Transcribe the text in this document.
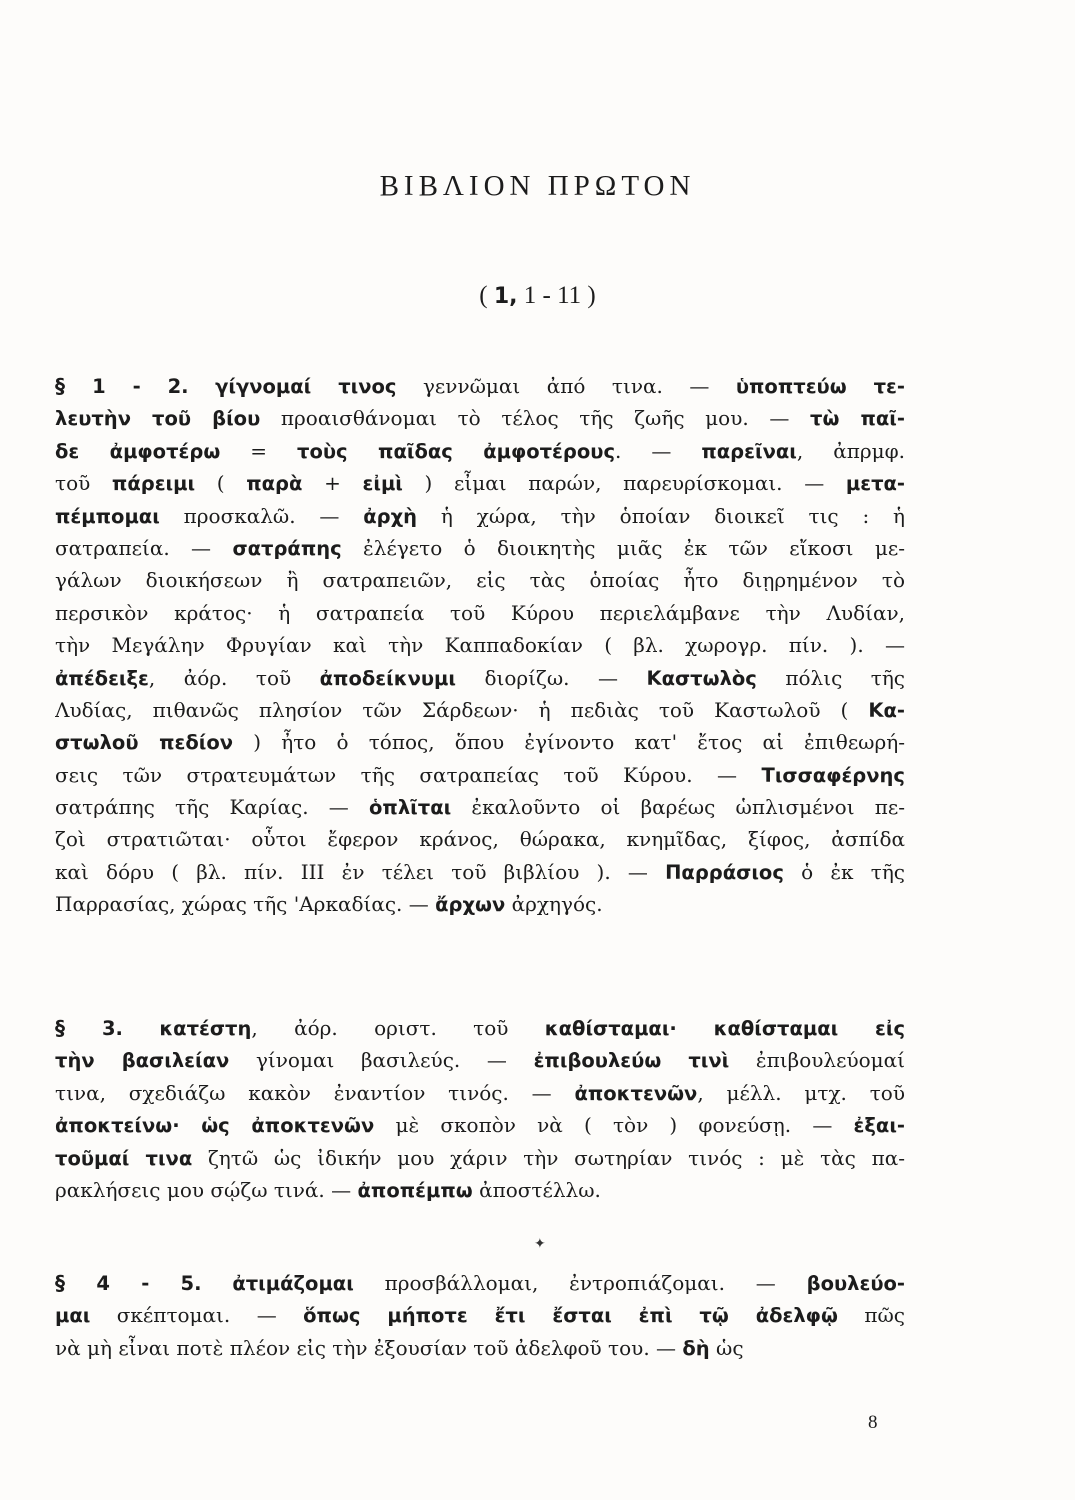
ΒΙΒΛΙΟΝ ΠΡΩΤΟΝ
( 1, 1 - 11 )
§ 1 - 2. γίγνομαί τινος γεννῶμαι ἀπό τινα. — ὑποπτεύω τε-
λευτὴν τοῦ βίου προαισθάνομαι τὸ τέλος τῆς ζωῆς μου. — τὼ παῖ-
δε ἀμφοτέρω = τοὺς παῖδας ἀμφοτέρους. — παρεῖναι, ἀπρμφ.
τοῦ πάρειμι ( παρὰ + εἰμὶ ) εἶμαι παρών, παρευρίσκομαι. — μετα-
πέμπομαι προσκαλῶ. — ἀρχὴ ἡ χώρα, τὴν ὁποίαν διοικεῖ τις : ἡ
σατραπεία. — σατράπης ἐλέγετο ὁ διοικητὴς μιᾶς ἐκ τῶν εἴκοσι με-
γάλων διοικήσεων ἢ σατραπειῶν, εἰς τὰς ὁποίας ἦτο διῃρημένον τὸ
περσικὸν κράτος· ἡ σατραπεία τοῦ Κύρου περιελάμβανε τὴν Λυδίαν,
τὴν Μεγάλην Φρυγίαν καὶ τὴν Καππαδοκίαν ( βλ. χωρογρ. πίν. ). —
ἀπέδειξε, ἀόρ. τοῦ ἀποδείκνυμι διορίζω. — Καστωλὸς πόλις τῆς
Λυδίας, πιθανῶς πλησίον τῶν Σάρδεων· ἡ πεδιὰς τοῦ Καστωλοῦ ( Κα-
στωλοῦ πεδίον ) ἦτο ὁ τόπος, ὅπου ἐγίνοντο κατ' ἔτος αἱ ἐπιθεωρή-
σεις τῶν στρατευμάτων τῆς σατραπείας τοῦ Κύρου. — Τισσαφέρνης
σατράπης τῆς Καρίας. — ὁπλῖται ἐκαλοῦντο οἱ βαρέως ὡπλισμένοι πε-
ζοὶ στρατιῶται· οὗτοι ἔφερον κράνος, θώρακα, κνημῖδας, ξίφος, ἀσπίδα
καὶ δόρυ ( βλ. πίν. ΙΙΙ ἐν τέλει τοῦ βιβλίου ). — Παρράσιος ὁ ἐκ τῆς
Παρρασίας, χώρας τῆς 'Αρκαδίας. — ἄρχων ἀρχηγός.
§ 3. κατέστη, ἀόρ. οριστ. τοῦ καθίσταμαι· καθίσταμαι εἰς
τὴν βασιλείαν γίνομαι βασιλεύς. — ἐπιβουλεύω τινὶ ἐπιβουλεύομαί
τινα, σχεδιάζω κακὸν ἐναντίον τινός. — ἀποκτενῶν, μέλλ. μτχ. τοῦ
ἀποκτείνω· ὡς ἀποκτενῶν μὲ σκοπὸν νὰ ( τὸν ) φονεύσῃ. — ἐξαι-
τοῦμαί τινα ζητῶ ὡς ἰδικήν μου χάριν τὴν σωτηρίαν τινός : μὲ τὰς πα-
ρακλήσεις μου σῴζω τινά. — ἀποπέμπω ἀποστέλλω.
✦
§ 4 - 5. ἀτιμάζομαι προσβάλλομαι, ἐντροπιάζομαι. — βουλεύο-
μαι σκέπτομαι. — ὅπως μήποτε ἔτι ἔσται ἐπὶ τῷ ἀδελφῷ πῶς
νὰ μὴ εἶναι ποτὲ πλέον εἰς τὴν ἐξουσίαν τοῦ ἀδελφοῦ του. — δὴ ὡς
8
